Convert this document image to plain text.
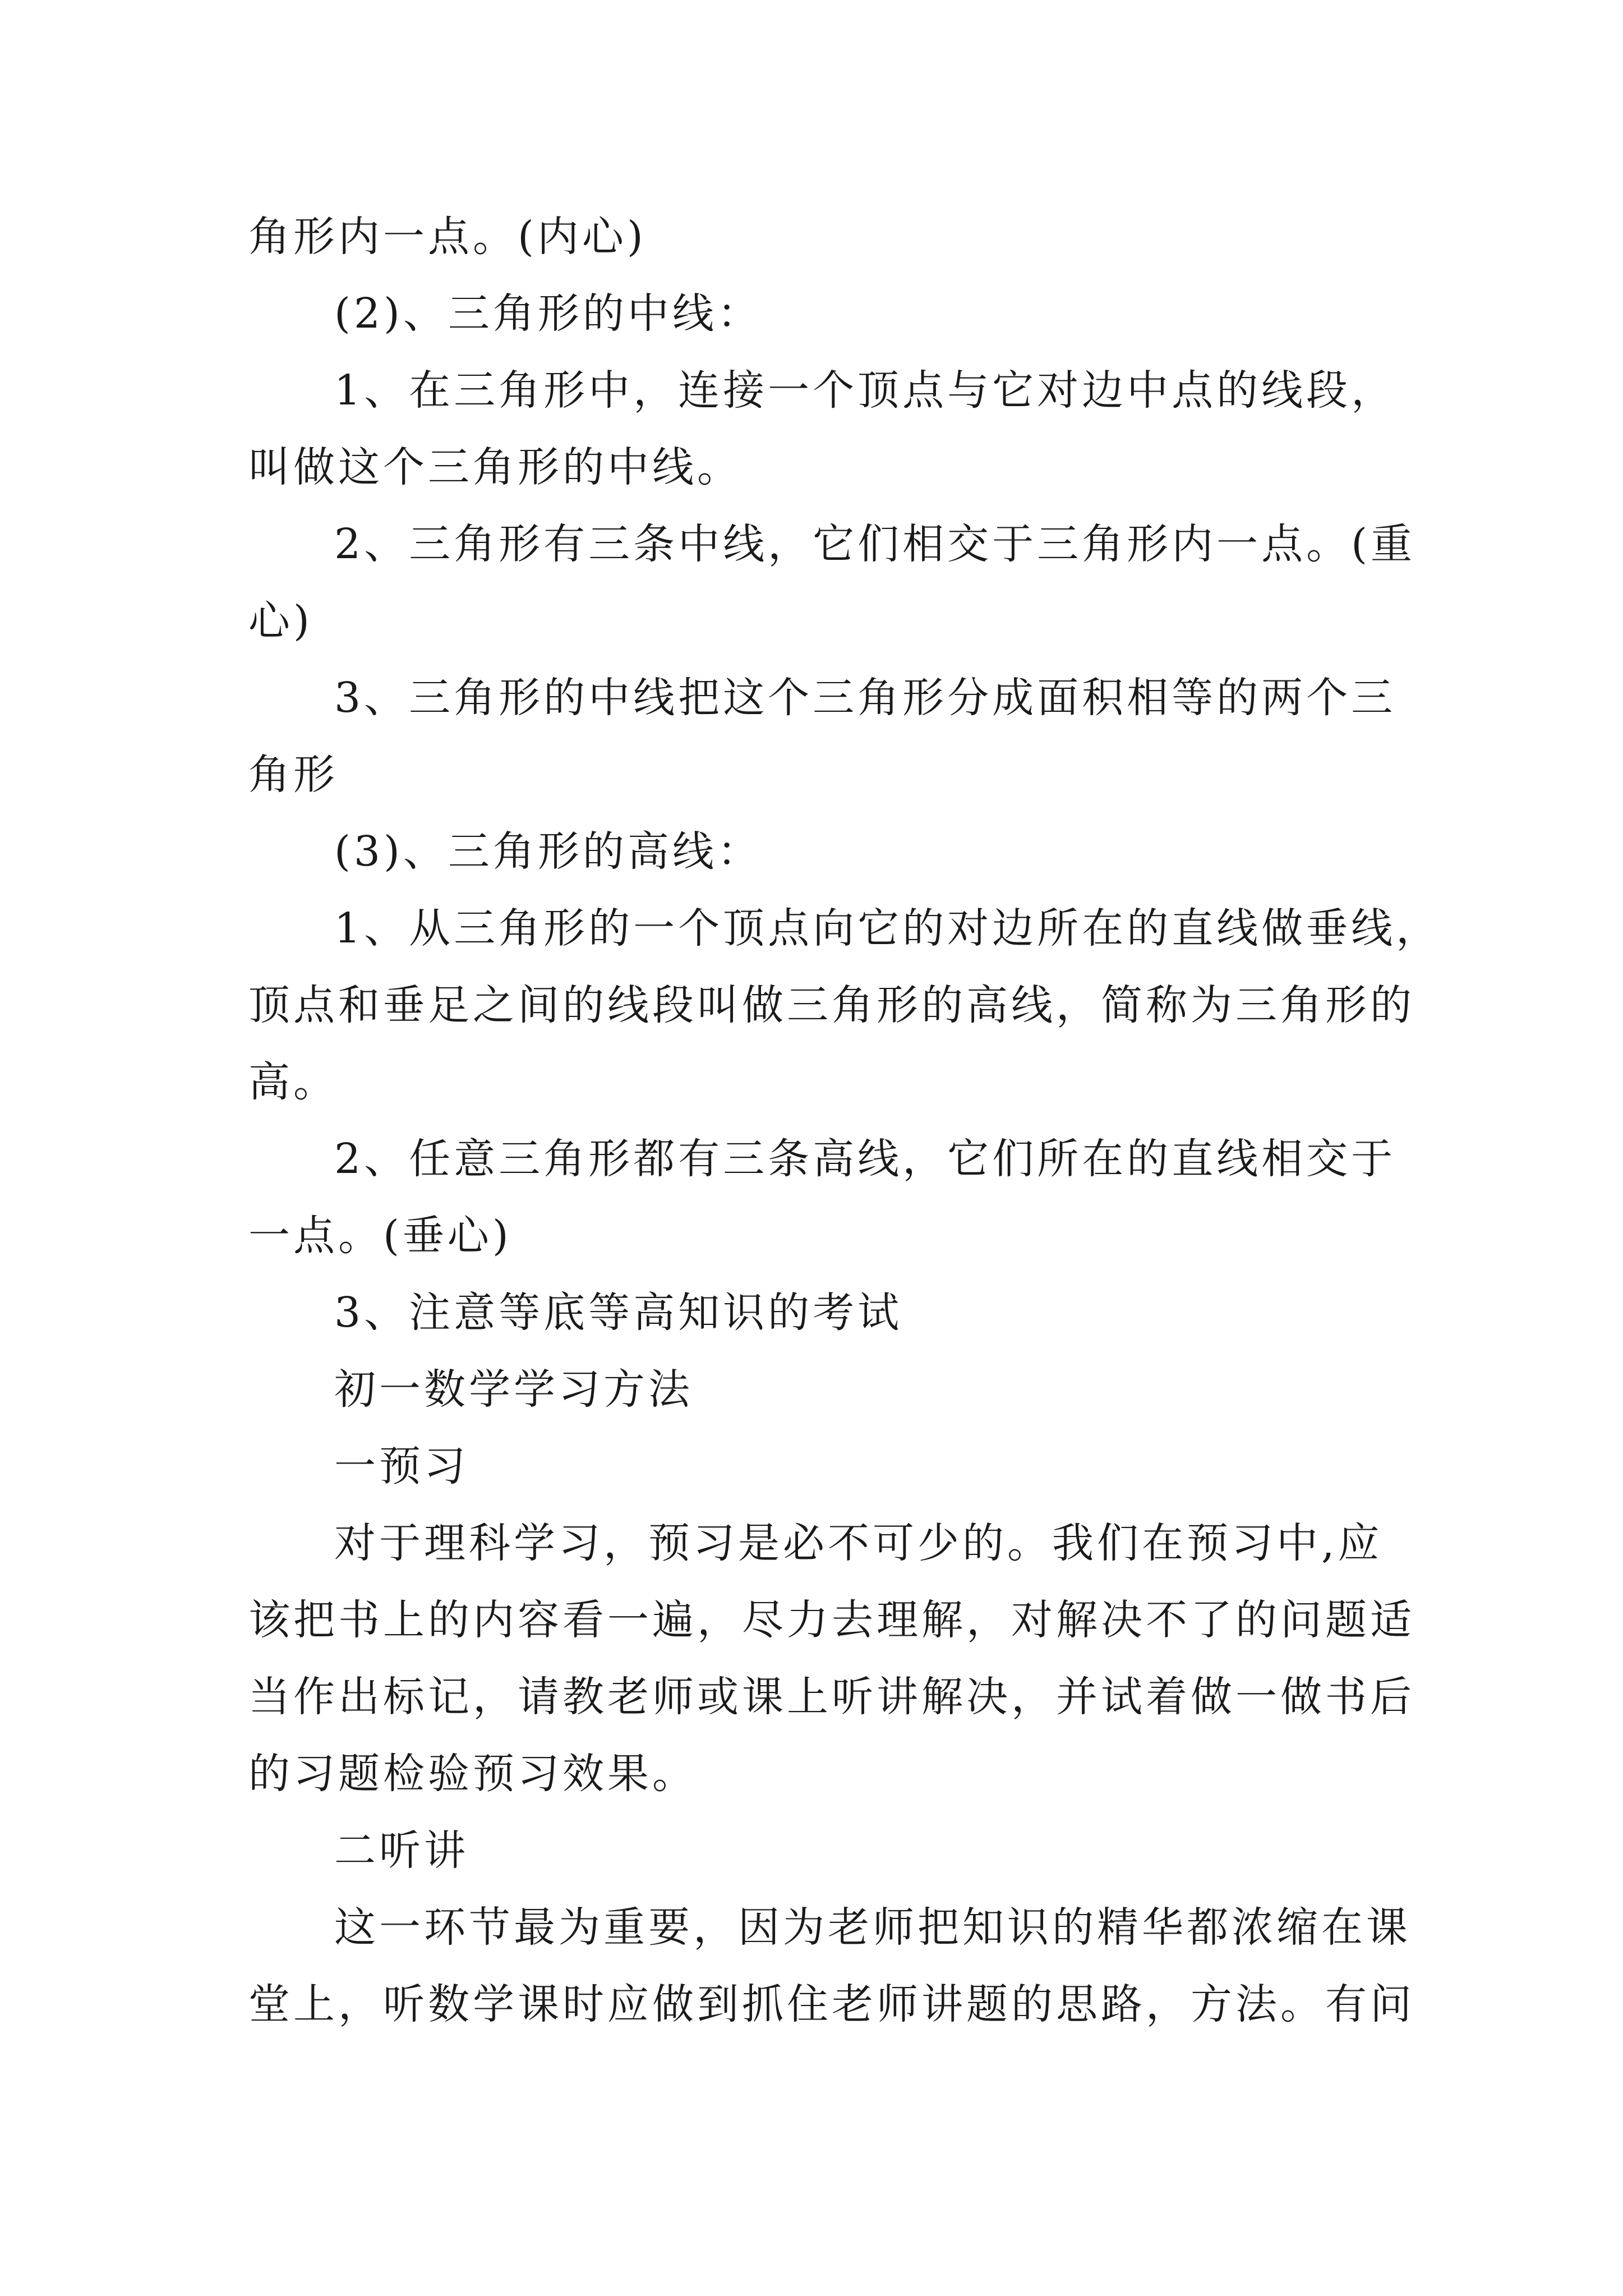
角形内一点。(内心)
(2)、三角形的中线：
1、在三角形中，连接一个顶点与它对边中点的线段，
叫做这个三角形的中线。
2、三角形有三条中线，它们相交于三角形内一点。(重
心)
3、三角形的中线把这个三角形分成面积相等的两个三
角形
(3)、三角形的高线：
1、从三角形的一个顶点向它的对边所在的直线做垂线，
顶点和垂足之间的线段叫做三角形的高线，简称为三角形的
高。
2、任意三角形都有三条高线，它们所在的直线相交于
一点。(垂心)
3、注意等底等高知识的考试
初一数学学习方法
一预习
对于理科学习，预习是必不可少的。我们在预习中,应
该把书上的内容看一遍，尽力去理解，对解决不了的问题适
当作出标记，请教老师或课上听讲解决，并试着做一做书后
的习题检验预习效果。
二听讲
这一环节最为重要，因为老师把知识的精华都浓缩在课
堂上，听数学课时应做到抓住老师讲题的思路，方法。有问
